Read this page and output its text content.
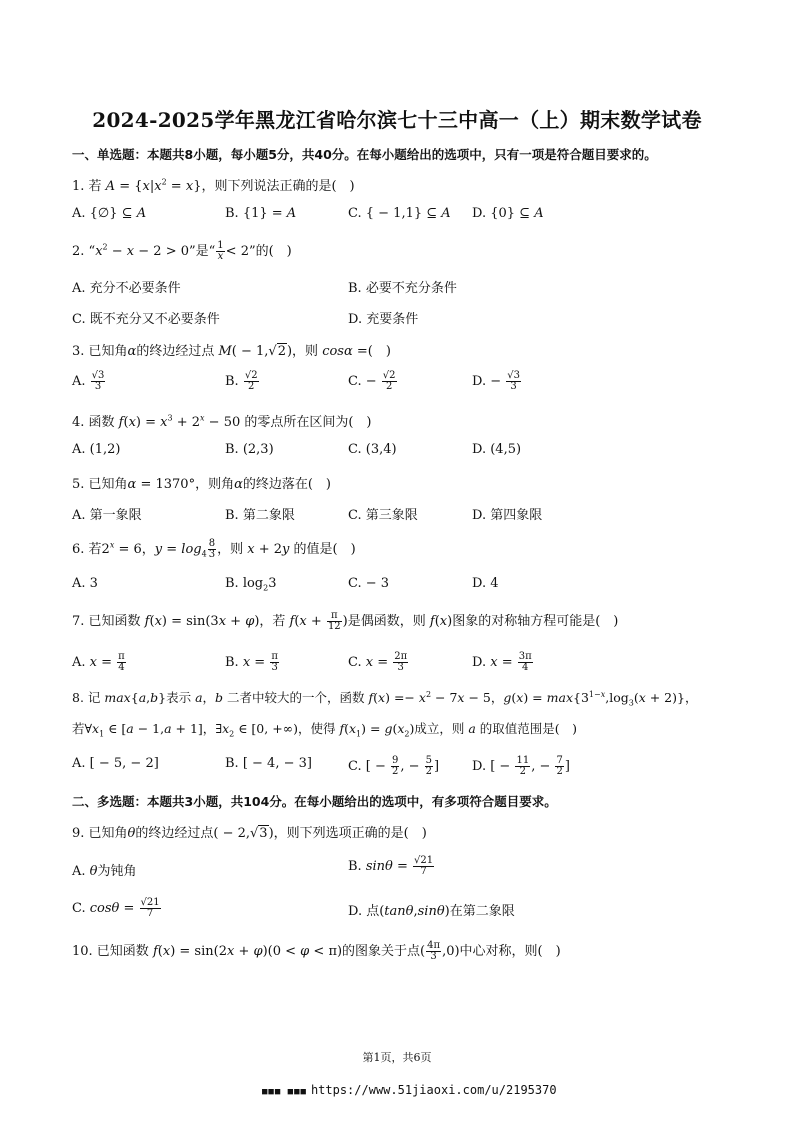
2024-2025学年黑龙江省哈尔滨七十三中高一（上）期末数学试卷
一、单选题：本题共8小题，每小题5分，共40分。在每小题给出的选项中，只有一项是符合题目要求的。
1. 若 $A = \{x|x^2 = x\}$，则下列说法正确的是(　)
A. {∅} ⊆ A	B. {1} = A	C. { − 1,1} ⊆ A D. {0} ⊆ A
2. “$x^2 - x - 2 > 0$”是“ $\frac{1}{x} < 2$”的(　)
A. 充分不必要条件	B. 必要不充分条件
C. 既不充分又不必要条件	D. 充要条件
3. 已知角α的终边经过点 M( − 1,√2)，则 cosα =(　)
A. $\frac{√3}{3}$	B. $\frac{√2}{2}$	C. − $\frac{√2}{2}$	D. − $\frac{√3}{3}$
4. 函数 $f(x) = x^3 + 2^x - 50$ 的零点所在区间为(　)
A. (1,2)	B. (2,3)	C. (3,4)	D. (4,5)
5. 已知角α = 1370°，则角α的终边落在(　)
A. 第一象限	B. 第二象限	C. 第三象限	D. 第四象限
6. 若$2^x = 6$，$y = \log_4 \frac{8}{3}$ ，则 x + 2y 的值是(　)
A. 3	B. $\log_23$	C. − 3	D. 4
7. 已知函数 f(x) = sin(3x + φ)，若 $f(x + \frac{\pi}{12}$ )是偶函数，则 f(x)图象的对称轴方程可能是(　)
A. $x = \frac{\pi}{4}$	B. $x = \frac{\pi}{3}$	C. $x = \frac{2\pi}{3}$	D. $x = \frac{3\pi}{4}$
8. 记 max{a,b}表示 a，b 二者中较大的一个，函数 $f(x) =- x^2 - 7x - 5$，$g(x) = \max\{3^{1-x},\log_3(x + 2)\}$，
若$\forall x_1$ ∈ [a − 1,a + 1]，$\exists x_2$ ∈ [0, +∞)，使得 $f(x_1) = g(x_2)$成立，则 a 的取值范围是(　)
A. [ − 5, − 2]	B. [ − 4, − 3]	C. [ − $\frac{9}{2}$ , − $\frac{5}{2}$ ]	D. [ − $\frac{11}{2}$ , − $\frac{7}{2}$ ]
二、多选题：本题共3小题，共104分。在每小题给出的选项中，有多项符合题目要求。
9. 已知角θ的终边经过点( − 2,√3)，则下列选项正确的是(　)
A. θ为钝角	B. $\sin\theta = \frac{√21}{7}$
C. $\cos\theta = \frac{√21}{7}$	D. 点(tanθ,sinθ)在第二象限
10. 已知函数 f(x) = sin(2x + φ)(0 < φ < π)的图象关于点( $\frac{4\pi}{3} ,0$)中心对称，则(　)
第1页，共6页
■■■ ■■■ https://www.51jiaoxi.com/u/2195370
